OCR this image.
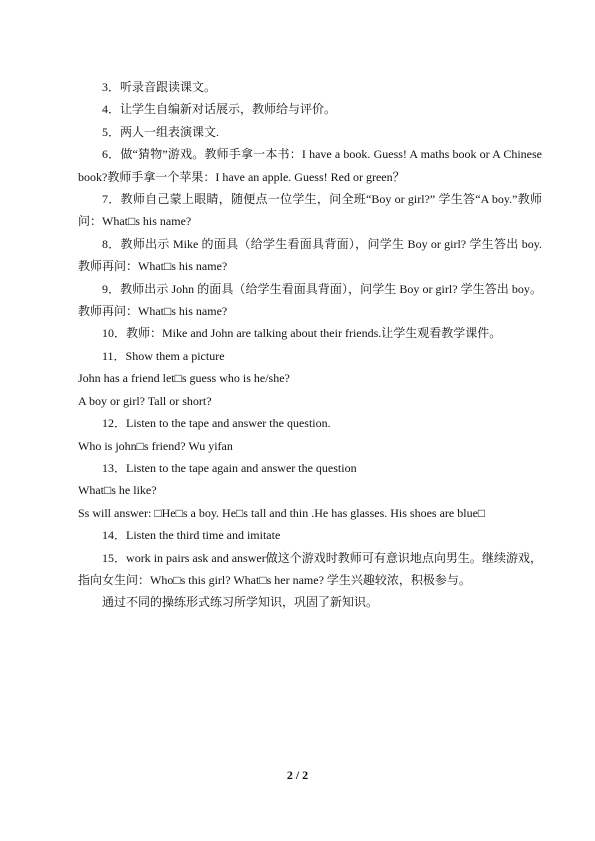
3．听录音跟读课文。

4．让学生自编新对话展示，教师给与评价。

5．两人一组表演课文.

6．做“猜物”游戏。教师手拿一本书：I have a book. Guess! A maths book or A Chinese book?教师手拿一个苹果：I have an apple. Guess! Red or green？

7．教师自己蒙上眼睛，随便点一位学生，问全班“Boy or girl?” 学生答“A boy.”教师问：What□s his name?

8．教师出示 Mike 的面具（给学生看面具背面），问学生 Boy or girl? 学生答出 boy.教师再问：What□s his name?

9．教师出示 John 的面具（给学生看面具背面），问学生 Boy or girl? 学生答出 boy。教师再问：What□s his name?

10．教师：Mike and John are talking about their friends.让学生观看教学课件。

11．Show them a picture

John has a friend let□s guess who is he/she?

A boy or girl? Tall or short?

12．Listen to the tape and answer the question.

Who is john□s friend? Wu yifan

13．Listen to the tape again and answer the question

What□s he like?

Ss will answer: □He□s a boy. He□s tall and thin .He has glasses. His shoes are blue□

14．Listen the third time and imitate

15．work in pairs ask and answer做这个游戏时教师可有意识地点向男生。继续游戏，指向女生问：Who□s this girl? What□s her name? 学生兴趣较浓，积极参与。

通过不同的操练形式练习所学知识，巩固了新知识。

2 / 2
